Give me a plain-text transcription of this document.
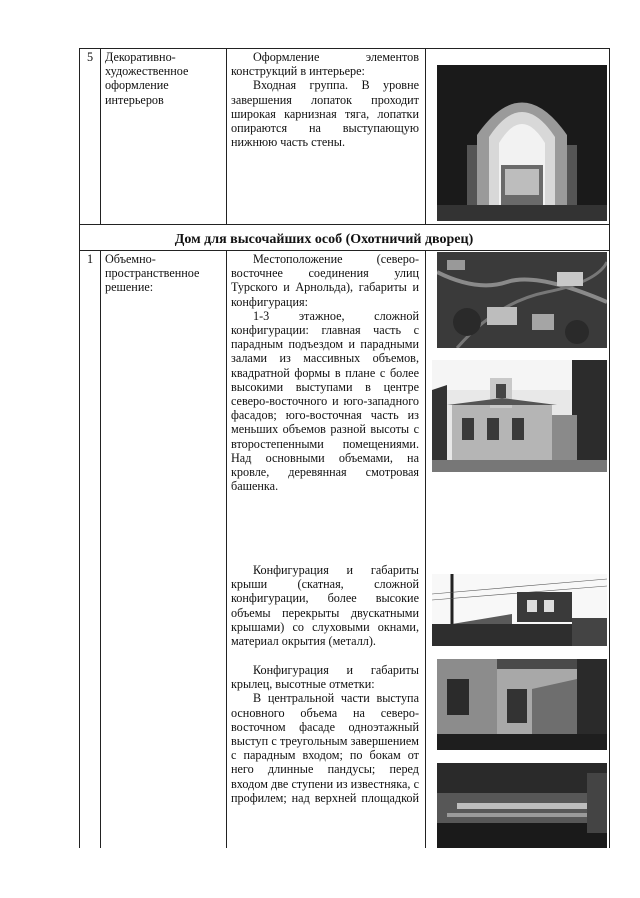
5 Декоративно-художественное оформление интерьеров

Оформление элементов конструкций в интерьере:

Входная группа. В уровне завершения лопаток проходит широкая карнизная тяга, лопатки опираются на выступающую нижнюю часть стены.

Дом для высочайших особ (Охотничий дворец)
1 Объемно-пространственное решение:

Местоположение (северо-восточнее соединения улиц Турского и Арнольда), габариты и конфигурация:

1-3 этажное, сложной конфигурации: главная часть с парадным подъездом и парадными залами из массивных объемов, квадратной формы в плане с более высокими выступами в центре северо-восточного и юго-западного фасадов; юго-восточная часть из меньших объемов разной высоты с второстепенными помещениями. Над основными объемами, на кровле, деревянная смотровая башенка.

Конфигурация и габариты крыши (скатная, сложной конфигурации, более высокие объемы перекрыты двускатными крышами) со слуховыми окнами, материал окрытия (металл).

Конфигурация и габариты крылец, высотные отметки:

В центральной части выступа основного объема на северо-восточном фасаде одноэтажный выступ с треугольным завершением с парадным входом; по бокам от него длинные пандусы; перед входом две ступени из известняка, с профилем; над верхней площадкой
